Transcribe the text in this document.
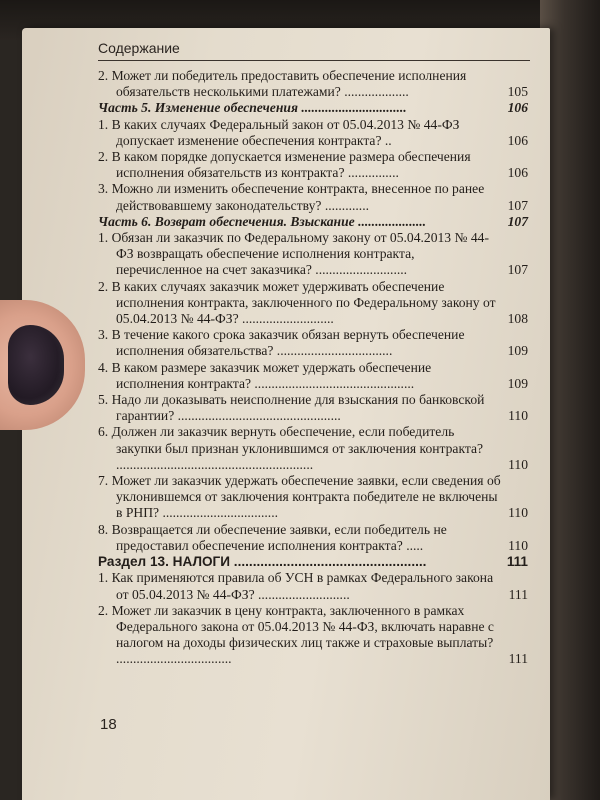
Содержание

2. Может ли победитель предоставить обеспечение исполнения обязательств несколькими платежами? ...................	105

Часть 5. Изменение обеспечения ...............................	106

1. В каких случаях Федеральный закон от 05.04.2013 № 44-ФЗ допускает изменение обеспечения контракта? ..	106

2. В каком порядке допускается изменение размера обеспечения исполнения обязательств из контракта? ...............	106

3. Можно ли изменить обеспечение контракта, внесенное по ранее действовавшему законодательству? .............	107

Часть 6. Возврат обеспечения. Взыскание ....................	107

1. Обязан ли заказчик по Федеральному закону от 05.04.2013 № 44-ФЗ возвращать обеспечение исполнения контракта, перечисленное на счет заказчика? ...........................	107

2. В каких случаях заказчик может удерживать обеспечение исполнения контракта, заключенного по Федеральному закону от 05.04.2013 № 44-ФЗ? ...........................	108

3. В течение какого срока заказчик обязан вернуть обеспечение исполнения обязательства? ..................................	109

4. В каком размере заказчик может удержать обеспечение исполнения контракта? ...............................................	109

5. Надо ли доказывать неисполнение для взыскания по банковской гарантии? ................................................	110

6. Должен ли заказчик вернуть обеспечение, если победитель закупки был признан уклонившимся от заключения контракта? ..........................................................	110

7. Может ли заказчик удержать обеспечение заявки, если сведения об уклонившемся от заключения контракта победителе не включены в РНП? ..................................	110

8. Возвращается ли обеспечение заявки, если победитель не предоставил обеспечение исполнения контракта? .....	110

Раздел 13. НАЛОГИ ...................................................	111

1. Как применяются правила об УСН в рамках Федерального закона от 05.04.2013 № 44-ФЗ? ...........................	111

2. Может ли заказчик в цену контракта, заключенного в рамках Федерального закона от 05.04.2013 № 44-ФЗ, включать наравне с налогом на доходы физических лиц также и страховые выплаты? ..................................	111

18
